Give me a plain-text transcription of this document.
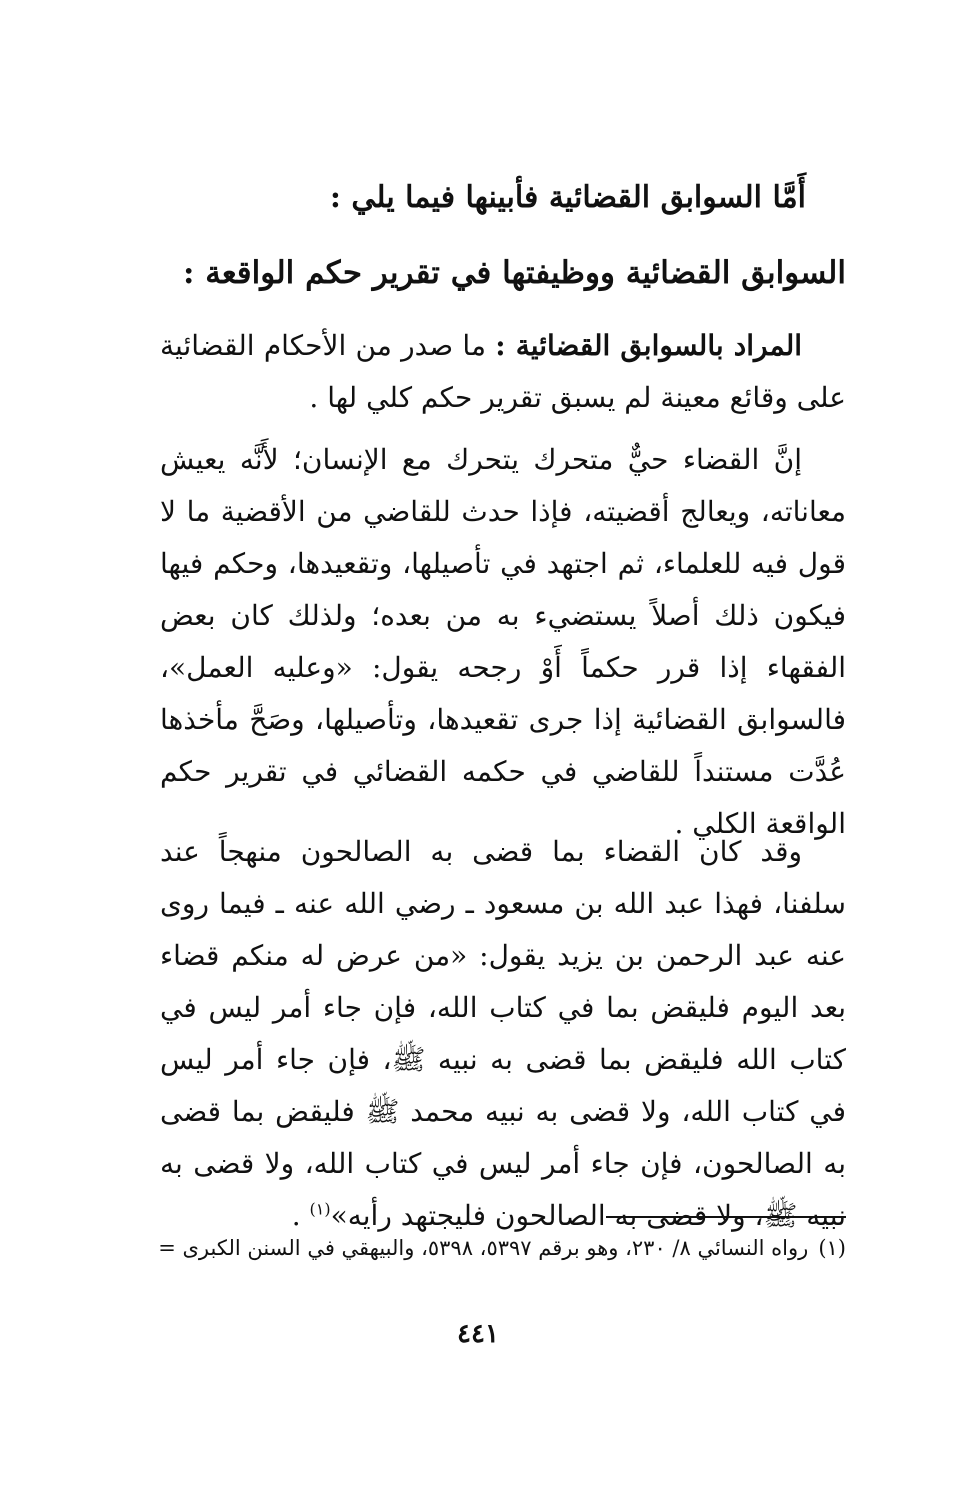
أَمَّا السوابق القضائية فأبينها فيما يلي :
السوابق القضائية ووظيفتها في تقرير حكم الواقعة :
المراد بالسوابق القضائية : ما صدر من الأحكام القضائية على وقائع معينة لم يسبق تقرير حكم كلي لها .
إنَّ القضاء حيٌّ متحرك يتحرك مع الإنسان؛ لأَنَّه يعيش معاناته، ويعالج أقضيته، فإذا حدث للقاضي من الأقضية ما لا قول فيه للعلماء، ثم اجتهد في تأصيلها، وتقعيدها، وحكم فيها فيكون ذلك أصلاً يستضيء به من بعده؛ ولذلك كان بعض الفقهاء إذا قرر حكماً أَوْ رجحه يقول: «وعليه العمل»، فالسوابق القضائية إذا جرى تقعيدها، وتأصيلها، وصَحَّ مأخذها عُدَّت مستنداً للقاضي في حكمه القضائي في تقرير حكم الواقعة الكلي .
وقد كان القضاء بما قضى به الصالحون منهجاً عند سلفنا، فهذا عبد الله بن مسعود ـ رضي الله عنه ـ فيما روى عنه عبد الرحمن بن يزيد يقول: «من عرض له منكم قضاء بعد اليوم فليقض بما في كتاب الله، فإن جاء أمر ليس في كتاب الله فليقض بما قضى به نبيه ﷺ، فإن جاء أمر ليس في كتاب الله، ولا قضى به نبيه محمد ﷺ فليقض بما قضى به الصالحون، فإن جاء أمر ليس في كتاب الله، ولا قضى به نبيه ﷺ، ولا قضى به الصالحون فليجتهد رأيه»$^{(١)}$ .
(١)رواه النسائي ٨/ ٢٣٠، وهو برقم ٥٣٩٧، ٥٣٩٨، والبيهقي في السنن الكبرى =
٤٤١
